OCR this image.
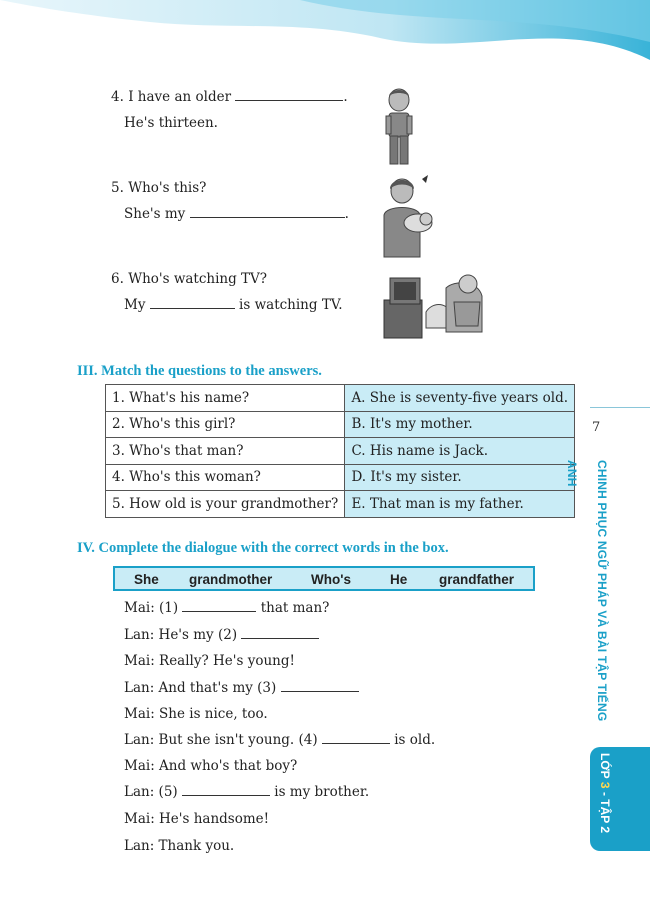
4. I have an older	.
He's thirteen.
5. Who's this?
She's my	.
6. Who's watching TV?
My	is watching TV.
III. Match the questions to the answers.
1. What's his name?	A. She is seventy-five years old.
2. Who's this girl?	B. It's my mother.
3. Who's that man?	C. His name is Jack.
4. Who's this woman?	D. It's my sister.
5. How old is your grandmother?	E. That man is my father.
IV. Complete the dialogue with the correct words in the box.
She grandmother	Who's	He grandfather
Mai: (1)	that man?
Lan: He's my (2)
Mai: Really? He's young!
Lan: And that's my (3)
Mai: She is nice, too.
Lan: But she isn't young. (4)	is old.
Mai: And who's that boy?
Lan: (5)	is my brother.
Mai: He's handsome!
Lan: Thank you.
7
CHINH PHỤC NGỮ PHÁP VÀ BÀI TẬP TIẾNG ANH
LỚP 3 - TẬP 2
